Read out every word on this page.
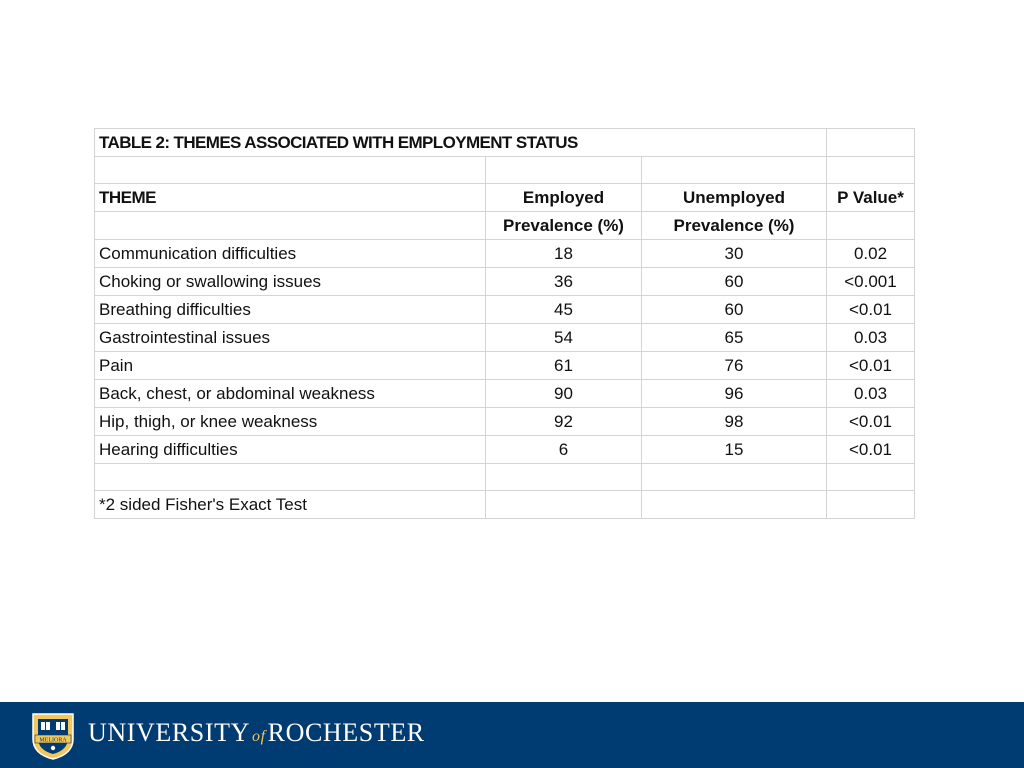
TABLE 2: THEMES ASSOCIATED WITH EMPLOYMENT STATUS			

THEME	Employed	Unemployed	P Value*
	Prevalence (%)	Prevalence (%)	
Communication difficulties	18	30	0.02
Choking or swallowing issues	36	60	<0.001
Breathing difficulties	45	60	<0.01
Gastrointestinal issues	54	65	0.03
Pain	61	76	<0.01
Back, chest, or abdominal weakness	90	96	0.03
Hip, thigh, or knee weakness	92	98	<0.01
Hearing difficulties	6	15	<0.01

*2 sided Fisher's Exact Test			
MELIORA UNIVERSITY ofROCHESTER
